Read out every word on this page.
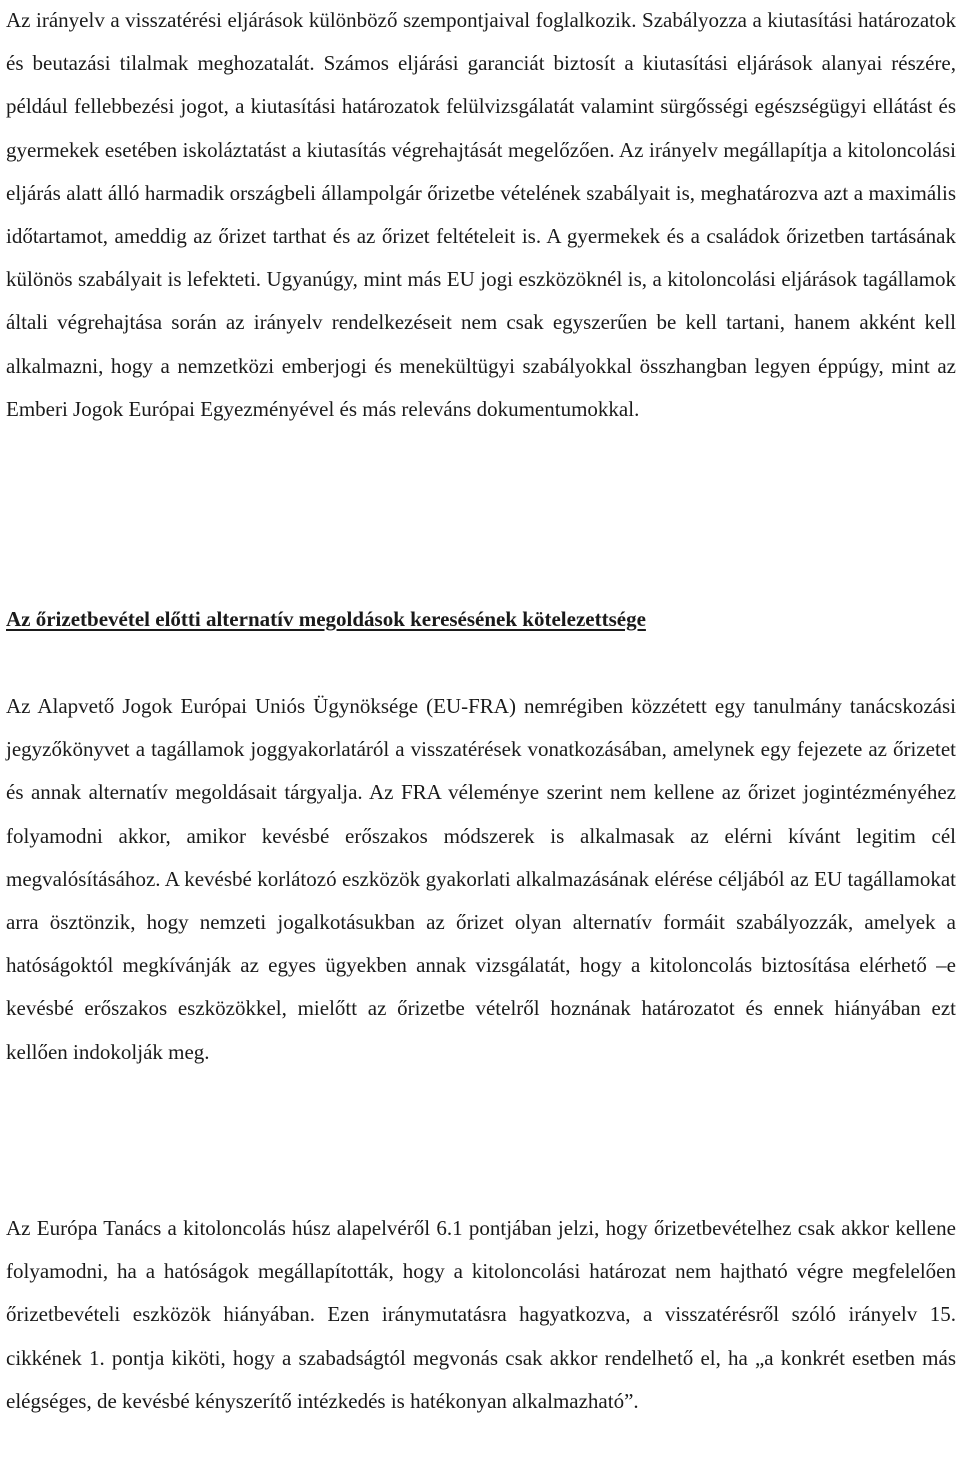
Az irányelv a visszatérési eljárások különböző szempontjaival foglalkozik. Szabályozza a kiutasítási határozatok és beutazási tilalmak meghozatalát. Számos eljárási garanciát biztosít a kiutasítási eljárások alanyai részére, például fellebbezési jogot, a kiutasítási határozatok felülvizsgálatát valamint sürgősségi egészségügyi ellátást és gyermekek esetében iskoláztatást a kiutasítás végrehajtását megelőzően. Az irányelv megállapítja a kitoloncolási eljárás alatt álló harmadik országbeli állampolgár őrizetbe vételének szabályait is, meghatározva azt a maximális időtartamot, ameddig az őrizet tarthat és az őrizet feltételeit is. A gyermekek és a családok őrizetben tartásának különös szabályait is lefekteti. Ugyanúgy, mint más EU jogi eszközöknél is, a kitoloncolási eljárások tagállamok általi végrehajtása során az irányelv rendelkezéseit nem csak egyszerűen be kell tartani, hanem akként kell alkalmazni, hogy a nemzetközi emberjogi és menekültügyi szabályokkal összhangban legyen éppúgy, mint az Emberi Jogok Európai Egyezményével és más releváns dokumentumokkal.

Az őrizetbevétel előtti alternatív megoldások keresésének kötelezettsége

Az Alapvető Jogok Európai Uniós Ügynöksége (EU-FRA) nemrégiben közzétett egy tanulmány tanácskozási jegyzőkönyvet a tagállamok joggyakorlatáról a visszatérések vonatkozásában, amelynek egy fejezete az őrizetet és annak alternatív megoldásait tárgyalja. Az FRA véleménye szerint nem kellene az őrizet jogintézményéhez folyamodni akkor, amikor kevésbé erőszakos módszerek is alkalmasak az elérni kívánt legitim cél megvalósításához. A kevésbé korlátozó eszközök gyakorlati alkalmazásának elérése céljából az EU tagállamokat arra ösztönzik, hogy nemzeti jogalkotásukban az őrizet olyan alternatív formáit szabályozzák, amelyek a hatóságoktól megkívánják az egyes ügyekben annak vizsgálatát, hogy a kitoloncolás biztosítása elérhető –e kevésbé erőszakos eszközökkel, mielőtt az őrizetbe vételről hoznának határozatot és ennek hiányában ezt kellően indokolják meg.

Az Európa Tanács a kitoloncolás húsz alapelvéről 6.1 pontjában jelzi, hogy őrizetbevételhez csak akkor kellene folyamodni, ha a hatóságok megállapították, hogy a kitoloncolási határozat nem hajtható végre megfelelően őrizetbevételi eszközök hiányában. Ezen iránymutatásra hagyatkozva, a visszatérésről szóló irányelv 15. cikkének 1. pontja kiköti, hogy a szabadságtól megvonás csak akkor rendelhető el, ha „a konkrét esetben más elégséges, de kevésbé kényszerítő intézkedés is hatékonyan alkalmazható”.
